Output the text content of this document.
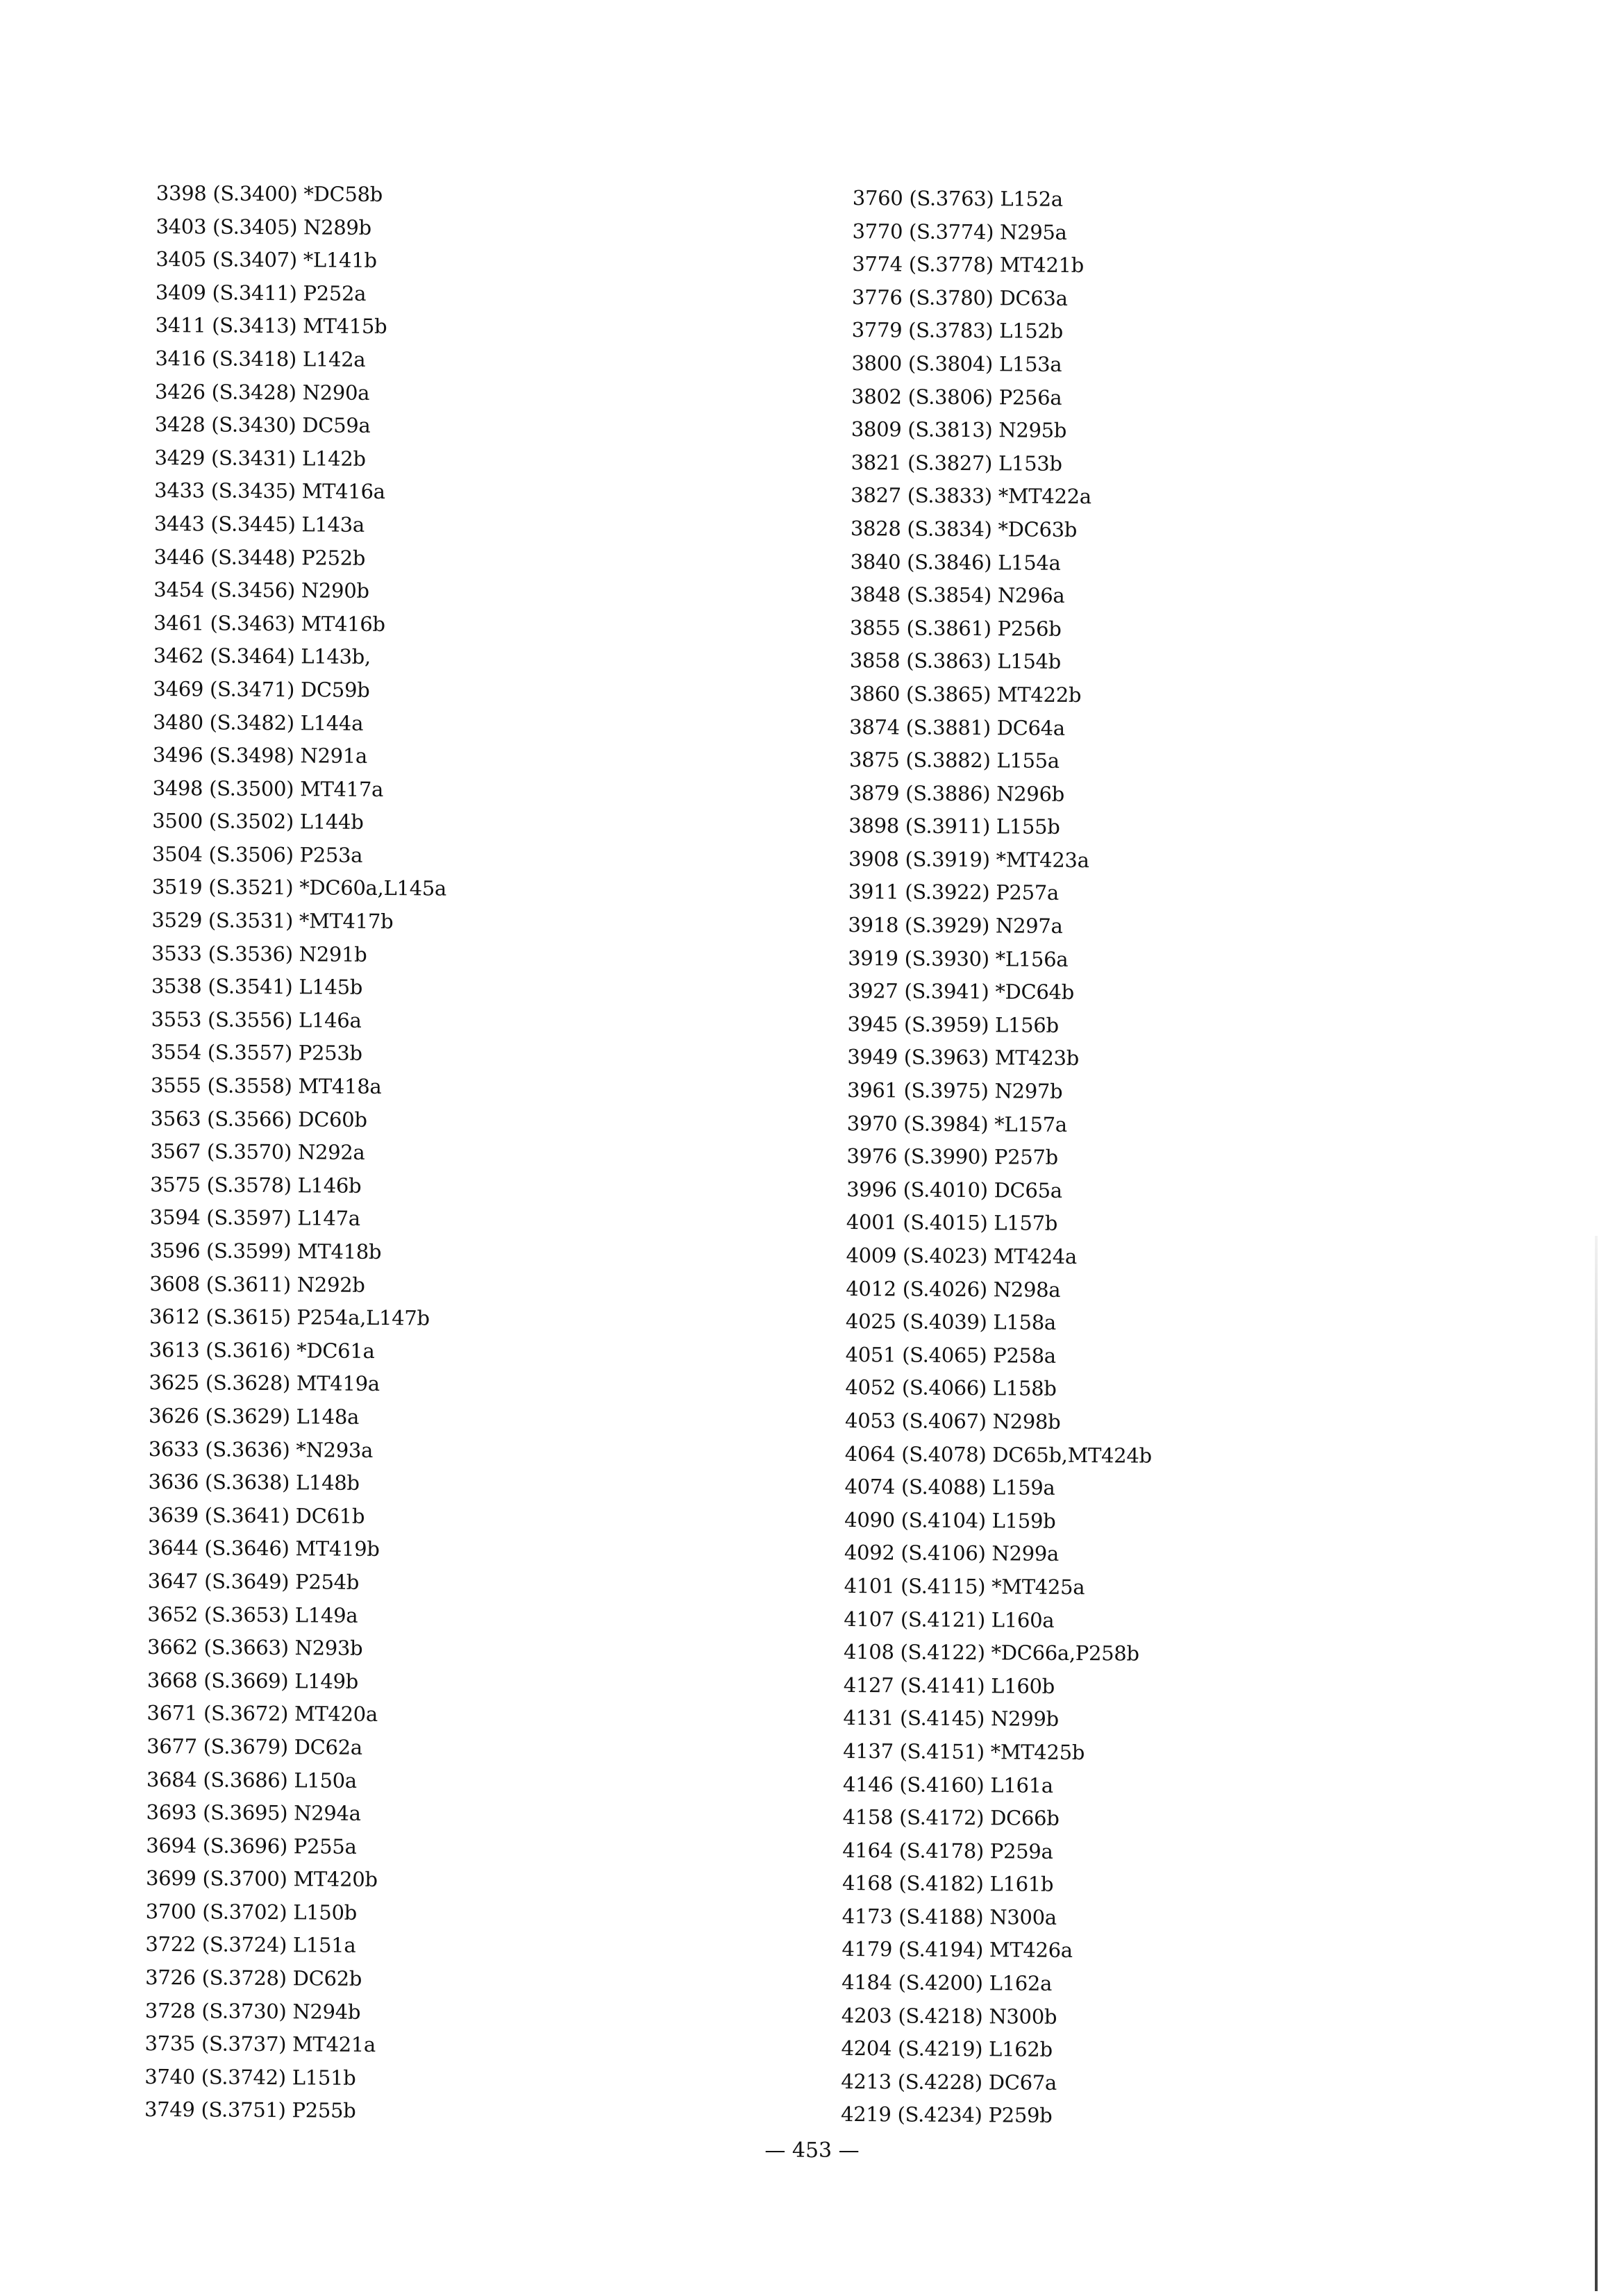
3398 (S.3400) *DC58b
3403 (S.3405) N289b
3405 (S.3407) *L141b
3409 (S.3411) P252a
3411 (S.3413) MT415b
3416 (S.3418) L142a
3426 (S.3428) N290a
3428 (S.3430) DC59a
3429 (S.3431) L142b
3433 (S.3435) MT416a
3443 (S.3445) L143a
3446 (S.3448) P252b
3454 (S.3456) N290b
3461 (S.3463) MT416b
3462 (S.3464) L143b,
3469 (S.3471) DC59b
3480 (S.3482) L144a
3496 (S.3498) N291a
3498 (S.3500) MT417a
3500 (S.3502) L144b
3504 (S.3506) P253a
3519 (S.3521) *DC60a,L145a
3529 (S.3531) *MT417b
3533 (S.3536) N291b
3538 (S.3541) L145b
3553 (S.3556) L146a
3554 (S.3557) P253b
3555 (S.3558) MT418a
3563 (S.3566) DC60b
3567 (S.3570) N292a
3575 (S.3578) L146b
3594 (S.3597) L147a
3596 (S.3599) MT418b
3608 (S.3611) N292b
3612 (S.3615) P254a,L147b
3613 (S.3616) *DC61a
3625 (S.3628) MT419a
3626 (S.3629) L148a
3633 (S.3636) *N293a
3636 (S.3638) L148b
3639 (S.3641) DC61b
3644 (S.3646) MT419b
3647 (S.3649) P254b
3652 (S.3653) L149a
3662 (S.3663) N293b
3668 (S.3669) L149b
3671 (S.3672) MT420a
3677 (S.3679) DC62a
3684 (S.3686) L150a
3693 (S.3695) N294a
3694 (S.3696) P255a
3699 (S.3700) MT420b
3700 (S.3702) L150b
3722 (S.3724) L151a
3726 (S.3728) DC62b
3728 (S.3730) N294b
3735 (S.3737) MT421a
3740 (S.3742) L151b
3749 (S.3751) P255b
3760 (S.3763) L152a
3770 (S.3774) N295a
3774 (S.3778) MT421b
3776 (S.3780) DC63a
3779 (S.3783) L152b
3800 (S.3804) L153a
3802 (S.3806) P256a
3809 (S.3813) N295b
3821 (S.3827) L153b
3827 (S.3833) *MT422a
3828 (S.3834) *DC63b
3840 (S.3846) L154a
3848 (S.3854) N296a
3855 (S.3861) P256b
3858 (S.3863) L154b
3860 (S.3865) MT422b
3874 (S.3881) DC64a
3875 (S.3882) L155a
3879 (S.3886) N296b
3898 (S.3911) L155b
3908 (S.3919) *MT423a
3911 (S.3922) P257a
3918 (S.3929) N297a
3919 (S.3930) *L156a
3927 (S.3941) *DC64b
3945 (S.3959) L156b
3949 (S.3963) MT423b
3961 (S.3975) N297b
3970 (S.3984) *L157a
3976 (S.3990) P257b
3996 (S.4010) DC65a
4001 (S.4015) L157b
4009 (S.4023) MT424a
4012 (S.4026) N298a
4025 (S.4039) L158a
4051 (S.4065) P258a
4052 (S.4066) L158b
4053 (S.4067) N298b
4064 (S.4078) DC65b,MT424b
4074 (S.4088) L159a
4090 (S.4104) L159b
4092 (S.4106) N299a
4101 (S.4115) *MT425a
4107 (S.4121) L160a
4108 (S.4122) *DC66a,P258b
4127 (S.4141) L160b
4131 (S.4145) N299b
4137 (S.4151) *MT425b
4146 (S.4160) L161a
4158 (S.4172) DC66b
4164 (S.4178) P259a
4168 (S.4182) L161b
4173 (S.4188) N300a
4179 (S.4194) MT426a
4184 (S.4200) L162a
4203 (S.4218) N300b
4204 (S.4219) L162b
4213 (S.4228) DC67a
4219 (S.4234) P259b
— 453 —
